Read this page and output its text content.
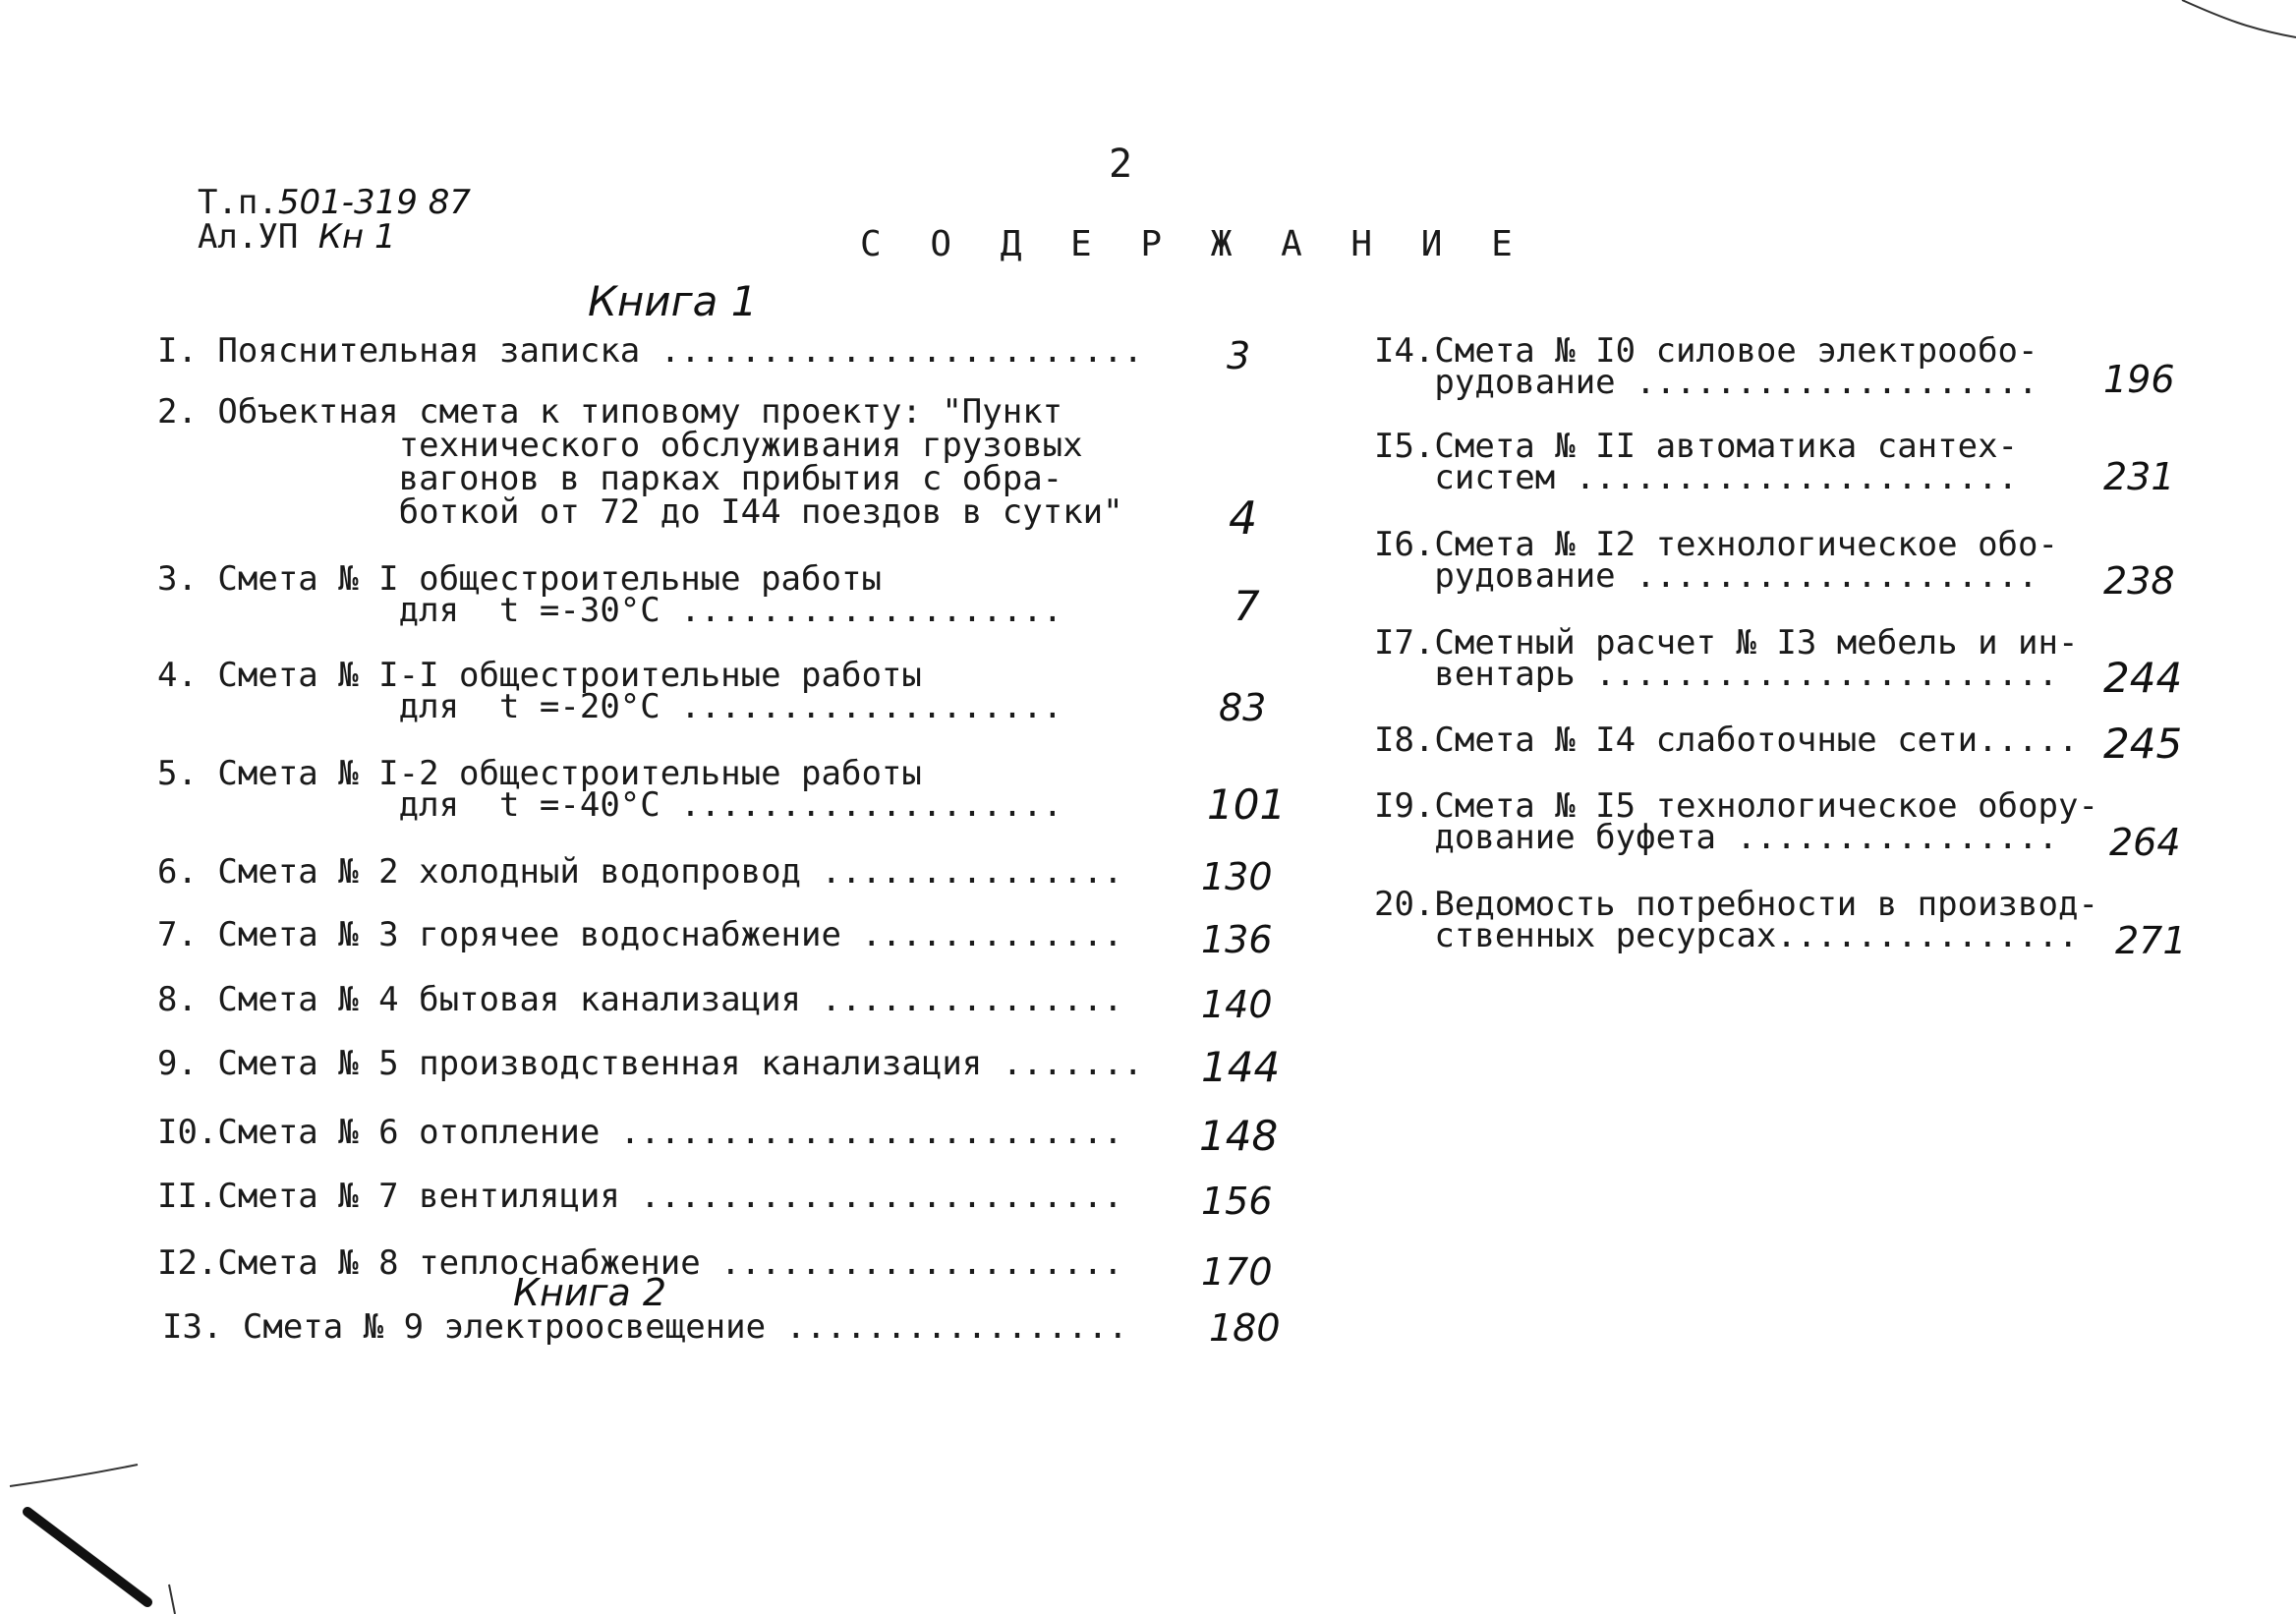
Т.п.501-319 87

Ал.УП Кн 1

2
С О Д Е Р Ж А Н И Е
Книга 1
Книга 2
I. Пояснительная записка ........................ 3
2. Объектная смета к типовому проекту: "Пункт
технического обслуживания грузовых
вагонов в парках прибытия с обра-
боткой от 72 до I44 поездов в сутки" 4
3. Смета № I общестроительные работы
для  t =-30°C ...................	7
4. Смета № I-I общестроительные работы
для  t =-20°C ...................	83
5. Смета № I-2 общестроительные работы
для  t =-40°C ...................	101
6. Смета № 2 холодный водопровод ............... 130
7. Смета № 3 горячее водоснабжение ............. 136
8. Смета № 4 бытовая канализация ............... 140
9. Смета № 5 производственная канализация ....... 144
I0.Смета № 6 отопление ......................... 148
II.Смета № 7 вентиляция ........................ 156
I2.Смета № 8 теплоснабжение .................... 170
I3. Смета № 9 электроосвещение ................. 180
I4.Смета № I0 силовое электрообо-
рудование .................... 196
I5.Смета № II автоматика сантех-
систем ...................... 231
I6.Смета № I2 технологическое обо-
рудование .................... 238
I7.Сметный расчет № I3 мебель и ин-
вентарь ....................... 244
I8.Смета № I4 слаботочные сети..... 245
I9.Смета № I5 технологическое обору-
дование буфета ................ 264
20.Ведомость потребности в производ-
ственных ресурсах............... 271
